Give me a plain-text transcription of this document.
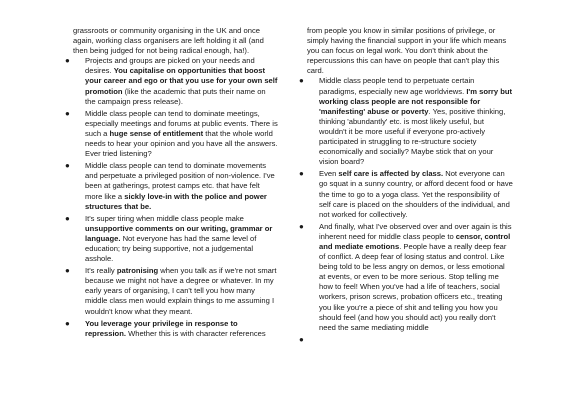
grassroots or community organising in the UK and once again, working class organisers are left holding it all (and then being judged for not being radical enough, ha!).

● Projects and groups are picked on your needs and desires. You capitalise on opportunities that boost your career and ego or that you use for your own self promotion (like the academic that puts their name on the campaign press release).
● Middle class people can tend to dominate meetings, especially meetings and forums at public events. There is such a huge sense of entitlement that the whole world needs to hear your opinion and you have all the answers. Ever tried listening?
● Middle class people can tend to dominate movements and perpetuate a privileged position of non-violence. I've been at gatherings, protest camps etc. that have felt more like a sickly love-in with the police and power structures that be.
● It's super tiring when middle class people make unsupportive comments on our writing, grammar or language. Not everyone has had the same level of education; try being supportive, not a judgemental asshole.
● It's really patronising when you talk as if we're not smart because we might not have a degree or whatever. In my early years of organising, I can't tell you how many middle class men would explain things to me assuming I wouldn't know what they meant.
● You leverage your privilege in response to repression. Whether this is with character references

from people you know in similar positions of privilege, or simply having the financial support in your life which means you can focus on legal work. You don't think about the repercussions this can have on people that can't play this card.

● Middle class people tend to perpetuate certain paradigms, especially new age worldviews. I'm sorry but working class people are not responsible for 'manifesting' abuse or poverty. Yes, positive thinking, thinking 'abundantly' etc. is most likely useful, but wouldn't it be more useful if everyone pro-actively participated in struggling to re-structure society economically and socially? Maybe stick that on your vision board?
● Even self care is affected by class. Not everyone can go squat in a sunny country, or afford decent food or have the time to go to a yoga class. Yet the responsibility of self care is placed on the shoulders of the individual, and not worked for collectively.
● And finally, what I've observed over and over again is this inherent need for middle class people to censor, control and mediate emotions. People have a really deep fear of conflict. A deep fear of losing status and control. Like being told to be less angry on demos, or less emotional at events, or even to be more serious. Stop telling me how to feel! When you've had a life of teachers, social workers, prison screws, probation officers etc., treating you like you're a piece of shit and telling you how you should feel (and how you should act) you really don't need the same mediating middle
●
